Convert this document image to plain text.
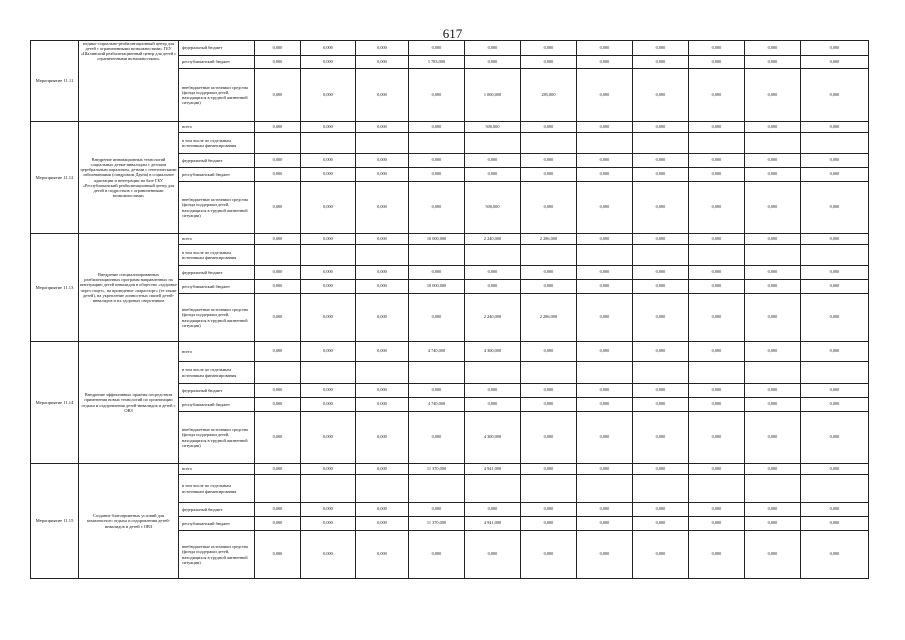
617
Мероприятие 11.11	медико-социально-реабилитационный центр для детей с ограниченными возможностями» ГБУ «Шалинский реабилитационный центр для детей с ограниченными возможностями»	федеральный бюджет	0,000	0,000	0,000	0,000	0,000	0,000	0,000	0,000	0,000	0,000	0,000
		республиканский бюджет	0,000	0,000	0,000	1 783,000	0,000	0,000	0,000	0,000	0,000	0,000	0,000
		внебюджетные источники средства (фонда поддержки детей, находящихся в трудной жизненной ситуации)	0,000	0,000	0,000	0,000	1 000,000	285,000	0,000	0,000	0,000	0,000	0,000
Мероприятие 11.12	Внедрение инновационных технологий социальных детям-инвалидам с детским церебральным параличом, детьми с генетическими заболеваниями (синдромом Дауна) в социальное адаптации и интеграции на базе ГБУ «Республиканский реабилитационный центр для детей и подростков с ограниченными возможностями»	всего	0,000	0,000	0,000	0,000	500,000	0,000	0,000	0,000	0,000	0,000	0,000
		в том числе по отдельным источникам финансирования											
		федеральный бюджет	0,000	0,000	0,000	0,000	0,000	0,000	0,000	0,000	0,000	0,000	0,000
		республиканский бюджет	0,000	0,000	0,000	0,000	0,000	0,000	0,000	0,000	0,000	0,000	0,000
		внебюджетные источники средства (фонда поддержки детей, находящихся в трудной жизненной ситуации)	0,000	0,000	0,000	0,000	500,000	0,000	0,000	0,000	0,000	0,000	0,000
Мероприятие 11.13	Внедрение специализированных реабилитационных программ направленных на интеграцию детей инвалидов в общество «здоровье через спорт», на проведение «параспорт» (те также детей), на укрепление личностных связей детей-инвалидов и их здоровых сверстников	всего	0,000	0,000	0,000	10 000,000	2 240,000	2 286,000	0,000	0,000	0,000	0,000	0,000
		в том числе по отдельным источникам финансирования											
		федеральный бюджет	0,000	0,000	0,000	0,000	0,000	0,000	0,000	0,000	0,000	0,000	0,000
		республиканский бюджет	0,000	0,000	0,000	10 000,000	0,000	0,000	0,000	0,000	0,000	0,000	0,000
		внебюджетные источники средства (фонда поддержки детей, находящихся в трудной жизненной ситуации)	0,000	0,000	0,000	0,000	2 240,000	2 286,000	0,000	0,000	0,000	0,000	0,000
Мероприятие 11.14	Внедрение эффективных практик посредством применения новых технологий по организации отдыха и оздоровления детей-инвалидов и детей с ОВЗ	всего	0,000	0,000	0,000	4 740,000	4 300,000	0,000	0,000	0,000	0,000	0,000	0,000
		в том числе по отдельным источникам финансирования											
		федеральный бюджет	0,000	0,000	0,000	0,000	0,000	0,000	0,000	0,000	0,000	0,000	0,000
		республиканский бюджет	0,000	0,000	0,000	4 740,000	0,000	0,000	0,000	0,000	0,000	0,000	0,000
		внебюджетные источники средства (фонда поддержки детей, находящихся в трудной жизненной ситуации)	0,000	0,000	0,000	0,000	4 300,000	0,000	0,000	0,000	0,000	0,000	0,000
Мероприятие 11.15	Создание благоприятных условий для комплексного отдыха и оздоровления детей-инвалидов и детей с ОВЗ	всего	0,000	0,000	0,000	11 370,000	4 941,000	0,000	0,000	0,000	0,000	0,000	0,000
		в том числе по отдельным источникам финансирования											
		федеральный бюджет	0,000	0,000	0,000	0,000	0,000	0,000	0,000	0,000	0,000	0,000	0,000
		республиканский бюджет	0,000	0,000	0,000	11 370,000	4 941,000	0,000	0,000	0,000	0,000	0,000	0,000
		внебюджетные источники средства (фонда поддержки детей, находящихся в трудной жизненной ситуации)	0,000	0,000	0,000	0,000	0,000	0,000	0,000	0,000	0,000	0,000	0,000
